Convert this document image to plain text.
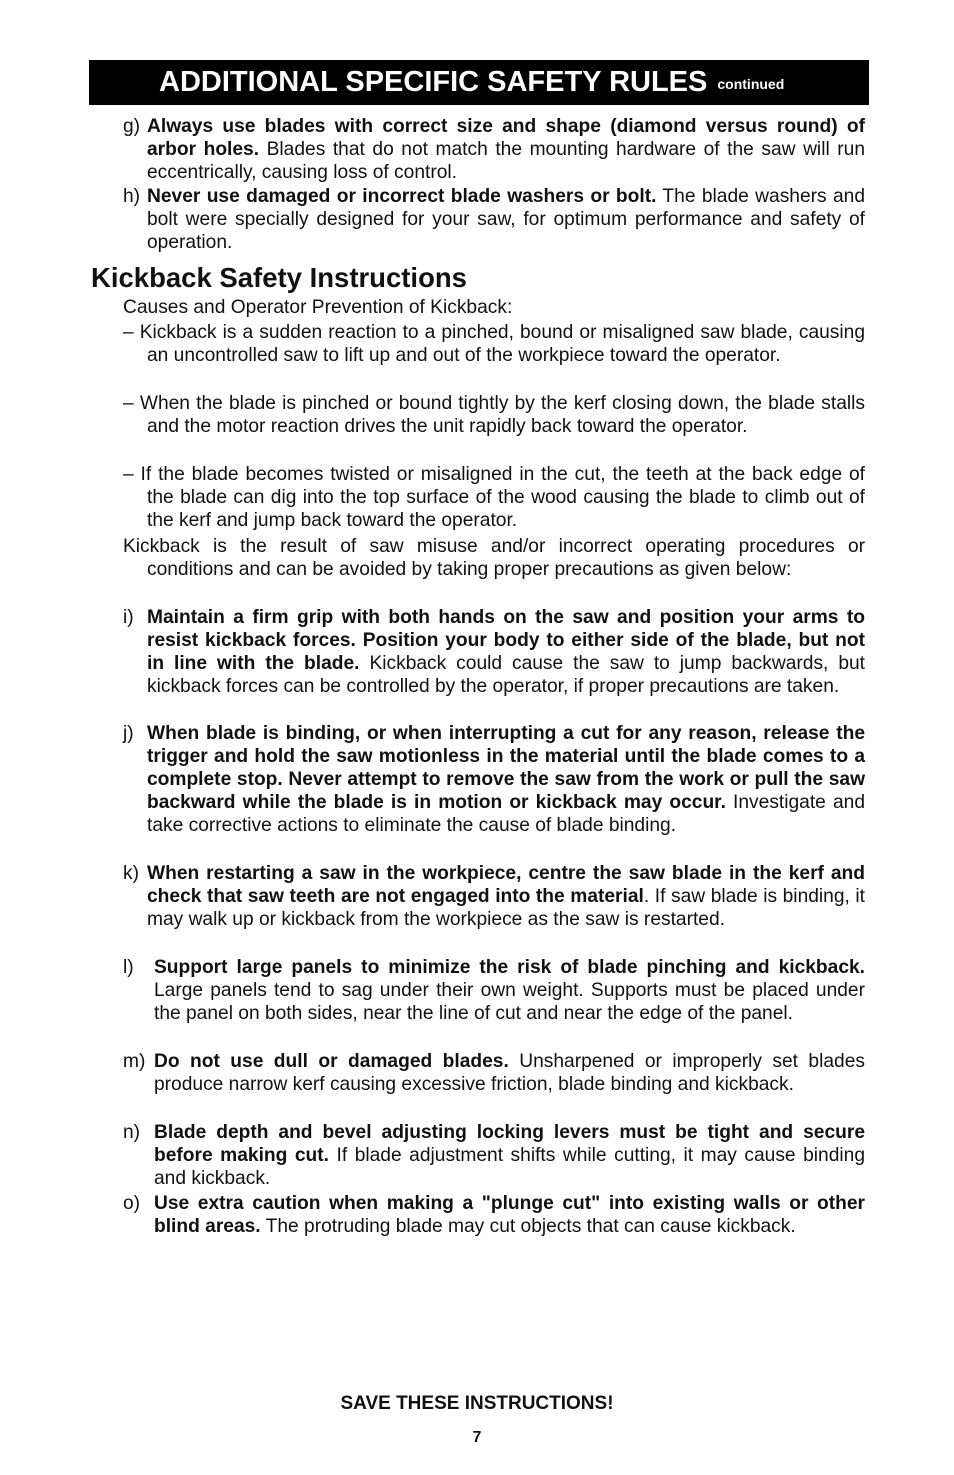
ADDITIONAL SPECIFIC SAFETY RULES continued
g) Always use blades with correct size and shape (diamond versus round) of arbor holes. Blades that do not match the mounting hardware of the saw will run eccentrically, causing loss of control.
h) Never use damaged or incorrect blade washers or bolt. The blade washers and bolt were specially designed for your saw, for optimum performance and safety of operation.
Kickback Safety Instructions
Causes and Operator Prevention of Kickback:
– Kickback is a sudden reaction to a pinched, bound or misaligned saw blade, causing an uncontrolled saw to lift up and out of the workpiece toward the operator.
– When the blade is pinched or bound tightly by the kerf closing down, the blade stalls and the motor reaction drives the unit rapidly back toward the operator.
– If the blade becomes twisted or misaligned in the cut, the teeth at the back edge of the blade can dig into the top surface of the wood causing the blade to climb out of the kerf and jump back toward the operator.
Kickback is the result of saw misuse and/or incorrect operating procedures or conditions and can be avoided by taking proper precautions as given below:
i) Maintain a firm grip with both hands on the saw and position your arms to resist kickback forces. Position your body to either side of the blade, but not in line with the blade. Kickback could cause the saw to jump backwards, but kickback forces can be controlled by the operator, if proper precautions are taken.
j) When blade is binding, or when interrupting a cut for any reason, release the trigger and hold the saw motionless in the material until the blade comes to a complete stop. Never attempt to remove the saw from the work or pull the saw backward while the blade is in motion or kickback may occur. Investigate and take corrective actions to eliminate the cause of blade binding.
k) When restarting a saw in the workpiece, centre the saw blade in the kerf and check that saw teeth are not engaged into the material. If saw blade is binding, it may walk up or kickback from the workpiece as the saw is restarted.
l)	Support large panels to minimize the risk of blade pinching and kickback. Large panels tend to sag under their own weight. Supports must be placed under the panel on both sides, near the line of cut and near the edge of the panel.
m) Do not use dull or damaged blades. Unsharpened or improperly set blades produce narrow kerf causing excessive friction, blade binding and kickback.
n) Blade depth and bevel adjusting locking levers must be tight and secure before making cut. If blade adjustment shifts while cutting, it may cause binding and kickback.
o) Use extra caution when making a "plunge cut" into existing walls or other blind areas. The protruding blade may cut objects that can cause kickback.
SAVE THESE INSTRUCTIONS!
7
